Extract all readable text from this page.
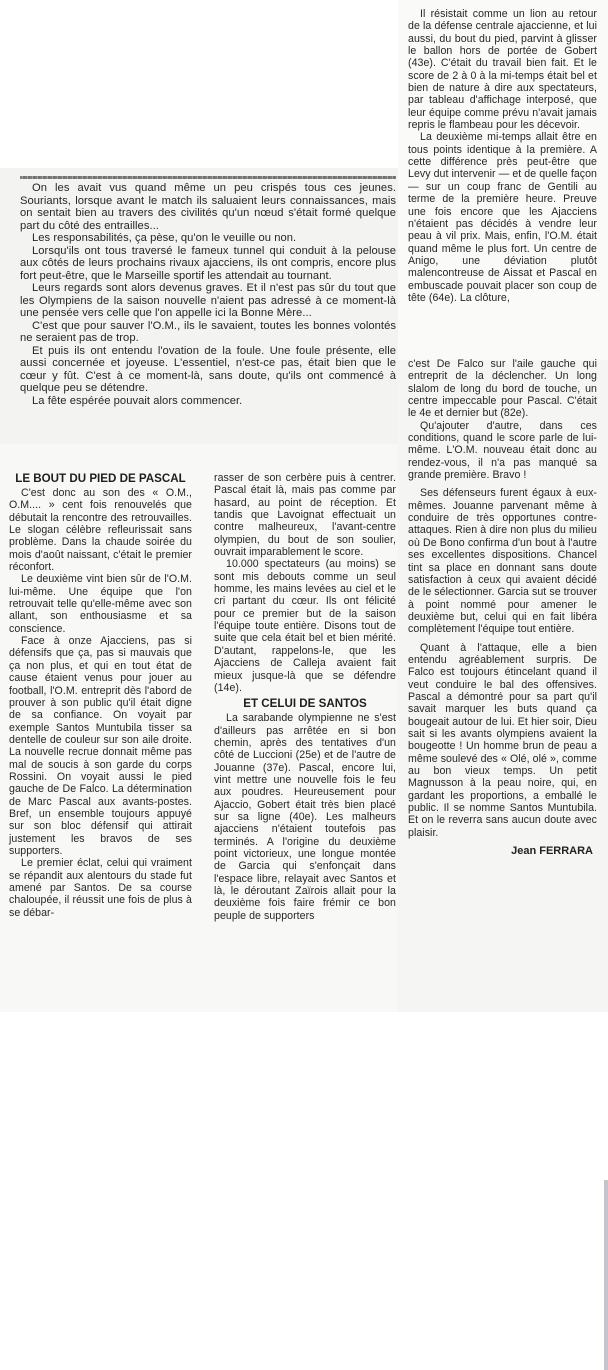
Il résistait comme un lion au retour de la défense centrale ajaccienne, et lui aussi, du bout du pied, parvint à glisser le ballon hors de portée de Gobert (43e). C'était du travail bien fait. Et le score de 2 à 0 à la mi-temps était bel et bien de nature à dire aux spectateurs, par tableau d'affichage interposé, que leur équipe comme prévu n'avait jamais repris le flambeau pour les décevoir.

La deuxième mi-temps allait être en tous points identique à la première. A cette différence près peut-être que Levy dut intervenir — et de quelle façon — sur un coup franc de Gentili au terme de la première heure. Preuve une fois encore que les Ajacciens n'étaient pas décidés à vendre leur peau à vil prix. Mais, enfin, l'O.M. était quand même le plus fort. Un centre de Anigo, une déviation plutôt malencontreuse de Aissat et Pascal en embuscade pouvait placer son coup de tête (64e). La clôture,

On les avait vus quand même un peu crispés tous ces jeunes. Souriants, lorsque avant le match ils saluaient leurs connaissances, mais on sentait bien au travers des civilités qu'un nœud s'était formé quelque part du côté des entrailles...

Les responsabilités, ça pèse, qu'on le veuille ou non.

Lorsqu'ils ont tous traversé le fameux tunnel qui conduit à la pelouse aux côtés de leurs prochains rivaux ajacciens, ils ont compris, encore plus fort peut-être, que le Marseille sportif les attendait au tournant.

Leurs regards sont alors devenus graves. Et il n'est pas sûr du tout que les Olympiens de la saison nouvelle n'aient pas adressé à ce moment-là une pensée vers celle que l'on appelle ici la Bonne Mère...

C'est que pour sauver l'O.M., ils le savaient, toutes les bonnes volontés ne seraient pas de trop.

Et puis ils ont entendu l'ovation de la foule. Une foule présente, elle aussi concernée et joyeuse. L'essentiel, n'est-ce pas, était bien que le cœur y fût. C'est à ce moment-là, sans doute, qu'ils ont commencé à quelque peu se détendre.

La fête espérée pouvait alors commencer.

c'est De Falco sur l'aile gauche qui entreprit de la déclencher. Un long slalom de long du bord de touche, un centre impeccable pour Pascal. C'était le 4e et dernier but (82e).

Qu'ajouter d'autre, dans ces conditions, quand le score parle de lui-même. L'O.M. nouveau était donc au rendez-vous, il n'a pas manqué sa grande première. Bravo !

Ses défenseurs furent égaux à eux-mêmes. Jouanne parvenant même à conduire de très opportunes contre-attaques. Rien à dire non plus du milieu où De Bono confirma d'un bout à l'autre ses excellentes dispositions. Chancel tint sa place en donnant sans doute satisfaction à ceux qui avaient décidé de le sélectionner. Garcia sut se trouver à point nommé pour amener le deuxième but, celui qui en fait libéra complètement l'équipe tout entière.

Quant à l'attaque, elle a bien entendu agréablement surpris. De Falco est toujours étincelant quand il veut conduire le bal des offensives. Pascal a démontré pour sa part qu'il savait marquer les buts quand ça bougeait autour de lui. Et hier soir, Dieu sait si les avants olympiens avaient la bougeotte ! Un homme brun de peau a même soulevé des « Olé, olé », comme au bon vieux temps. Un petit Magnusson à la peau noire, qui, en gardant les proportions, a emballé le public. Il se nomme Santos Muntubila. Et on le reverra sans aucun doute avec plaisir.

Jean FERRARA
LE BOUT DU PIED DE PASCAL

C'est donc au son des « O.M., O.M.... » cent fois renouvelés que débutait la rencontre des retrouvailles. Le slogan célèbre refleurissait sans problème. Dans la chaude soirée du mois d'août naissant, c'était le premier réconfort.

Le deuxième vint bien sûr de l'O.M. lui-même. Une équipe que l'on retrouvait telle qu'elle-même avec son allant, son enthousiasme et sa conscience.

Face à onze Ajacciens, pas si défensifs que ça, pas si mauvais que ça non plus, et qui en tout état de cause étaient venus pour jouer au football, l'O.M. entreprit dès l'abord de prouver à son public qu'il était digne de sa confiance. On voyait par exemple Santos Muntubila tisser sa dentelle de couleur sur son aile droite. La nouvelle recrue donnait même pas mal de soucis à son garde du corps Rossini. On voyait aussi le pied gauche de De Falco. La détermination de Marc Pascal aux avants-postes. Bref, un ensemble toujours appuyé sur son bloc défensif qui attirait justement les bravos de ses supporters.

Le premier éclat, celui qui vraiment se répandit aux alentours du stade fut amené par Santos. De sa course chaloupée, il réussit une fois de plus à se débar-

rasser de son cerbère puis à centrer. Pascal était là, mais pas comme par hasard, au point de réception. Et tandis que Lavoignat effectuait un contre malheureux, l'avant-centre olympien, du bout de son soulier, ouvrait imparablement le score.

10.000 spectateurs (au moins) se sont mis debouts comme un seul homme, les mains levées au ciel et le cri partant du cœur. Ils ont félicité pour ce premier but de la saison l'équipe toute entière. Disons tout de suite que cela était bel et bien mérité. D'autant, rappelons-le, que les Ajacciens de Calleja avaient fait mieux jusque-là que se défendre (14e).

ET CELUI DE SANTOS

La sarabande olympienne ne s'est d'ailleurs pas arrêtée en si bon chemin, après des tentatives d'un côté de Luccioni (25e) et de l'autre de Jouanne (37e). Pascal, encore lui, vint mettre une nouvelle fois le feu aux poudres. Heureusement pour Ajaccio, Gobert était très bien placé sur sa ligne (40e). Les malheurs ajacciens n'étaient toutefois pas terminés. A l'origine du deuxième point victorieux, une longue montée de Garcia qui s'enfonçait dans l'espace libre, relayait avec Santos et là, le déroutant Zaïrois allait pour la deuxième fois faire frémir ce bon peuple de supporters
